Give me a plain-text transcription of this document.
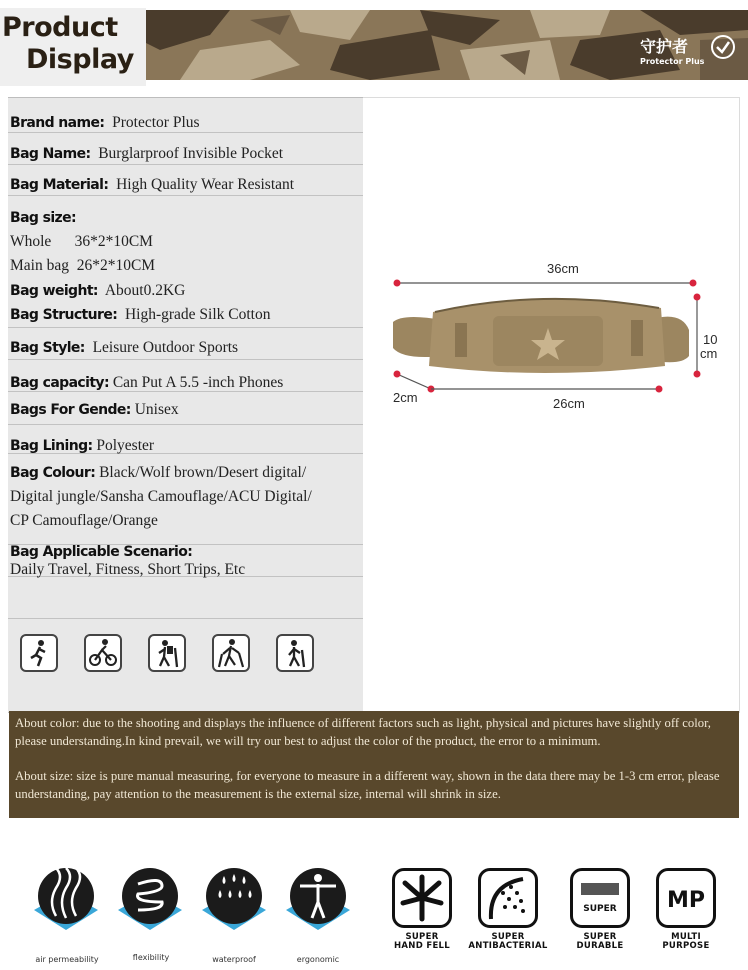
Product
Display	守护者
Protector Plus
Brand name: Protector Plus
Bag Name: Burglarproof Invisible Pocket
Bag Material: High Quality Wear Resistant
Bag size:
Whole      36*2*10CM
Main bag  26*2*10CM
Bag weight: About0.2KG
Bag Structure: High-grade Silk Cotton
Bag Style: Leisure Outdoor Sports
Bag capacity: Can Put A 5.5 -inch Phones
Bags For Gende: Unisex
Bag Lining: Polyester
Bag Colour: Black/Wolf brown/Desert digital/
Digital jungle/Sansha Camouflage/ACU Digital/
CP Camouflage/Orange
Bag Applicable Scenario:
Daily Travel, Fitness, Short Trips, Etc
36cm
10
cm
2cm	26cm
About color: due to the shooting and displays the influence of different factors such as light, physical and pictures have slightly off color, please understanding.In kind prevail, we will try our best to adjust the color of the product, the error to a minimum.
About size: size is pure manual measuring, for everyone to measure in a different way, shown in the data there may be 1-3 cm error, please understanding, pay attention to the measurement is the external size, internal will shrink in size.
air permeability	flexibility	waterproof	ergonomic
SUPER MP
SUPER
HAND FELL
SUPER
ANTIBACTERIAL
SUPER
DURABLE
MULTI
PURPOSE
